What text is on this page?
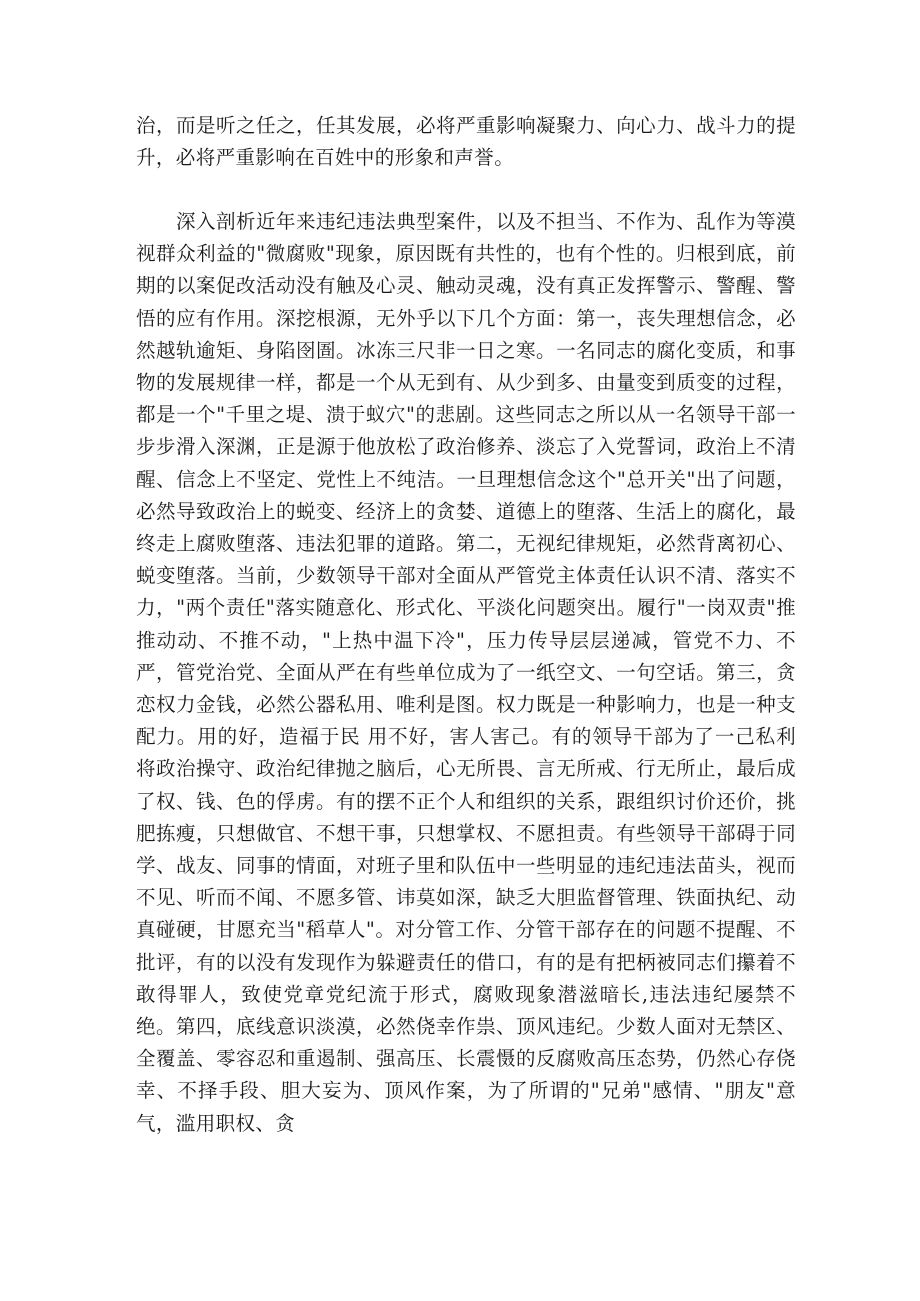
治，而是听之任之，任其发展，必将严重影响凝聚力、向心力、战斗力的提升，必将严重影响在百姓中的形象和声誉。

深入剖析近年来违纪违法典型案件，以及不担当、不作为、乱作为等漠视群众利益的"微腐败"现象，原因既有共性的，也有个性的。归根到底，前期的以案促改活动没有触及心灵、触动灵魂，没有真正发挥警示、警醒、警悟的应有作用。深挖根源，无外乎以下几个方面：第一，丧失理想信念，必然越轨逾矩、身陷囹圄。冰冻三尺非一日之寒。一名同志的腐化变质，和事物的发展规律一样，都是一个从无到有、从少到多、由量变到质变的过程，都是一个"千里之堤、溃于蚁穴"的悲剧。这些同志之所以从一名领导干部一步步滑入深渊，正是源于他放松了政治修养、淡忘了入党誓词，政治上不清醒、信念上不坚定、党性上不纯洁。一旦理想信念这个"总开关"出了问题，必然导致政治上的蜕变、经济上的贪婪、道德上的堕落、生活上的腐化，最终走上腐败堕落、违法犯罪的道路。第二，无视纪律规矩，必然背离初心、蜕变堕落。当前，少数领导干部对全面从严管党主体责任认识不清、落实不力，"两个责任"落实随意化、形式化、平淡化问题突出。履行"一岗双责"推推动动、不推不动，"上热中温下冷"，压力传导层层递减，管党不力、不严，管党治党、全面从严在有些单位成为了一纸空文、一句空话。第三，贪恋权力金钱，必然公器私用、唯利是图。权力既是一种影响力，也是一种支配力。用的好，造福于民 用不好，害人害己。有的领导干部为了一己私利将政治操守、政治纪律抛之脑后，心无所畏、言无所戒、行无所止，最后成了权、钱、色的俘虏。有的摆不正个人和组织的关系，跟组织讨价还价，挑肥拣瘦，只想做官、不想干事，只想掌权、不愿担责。有些领导干部碍于同学、战友、同事的情面，对班子里和队伍中一些明显的违纪违法苗头，视而不见、听而不闻、不愿多管、讳莫如深，缺乏大胆监督管理、铁面执纪、动真碰硬，甘愿充当"稻草人"。对分管工作、分管干部存在的问题不提醒、不批评，有的以没有发现作为躲避责任的借口，有的是有把柄被同志们攥着不敢得罪人，致使党章党纪流于形式，腐败现象潜滋暗长,违法违纪屡禁不绝。第四，底线意识淡漠，必然侥幸作祟、顶风违纪。少数人面对无禁区、全覆盖、零容忍和重遏制、强高压、长震慑的反腐败高压态势，仍然心存侥幸、不择手段、胆大妄为、顶风作案，为了所谓的"兄弟"感情、"朋友"意气，滥用职权、贪
